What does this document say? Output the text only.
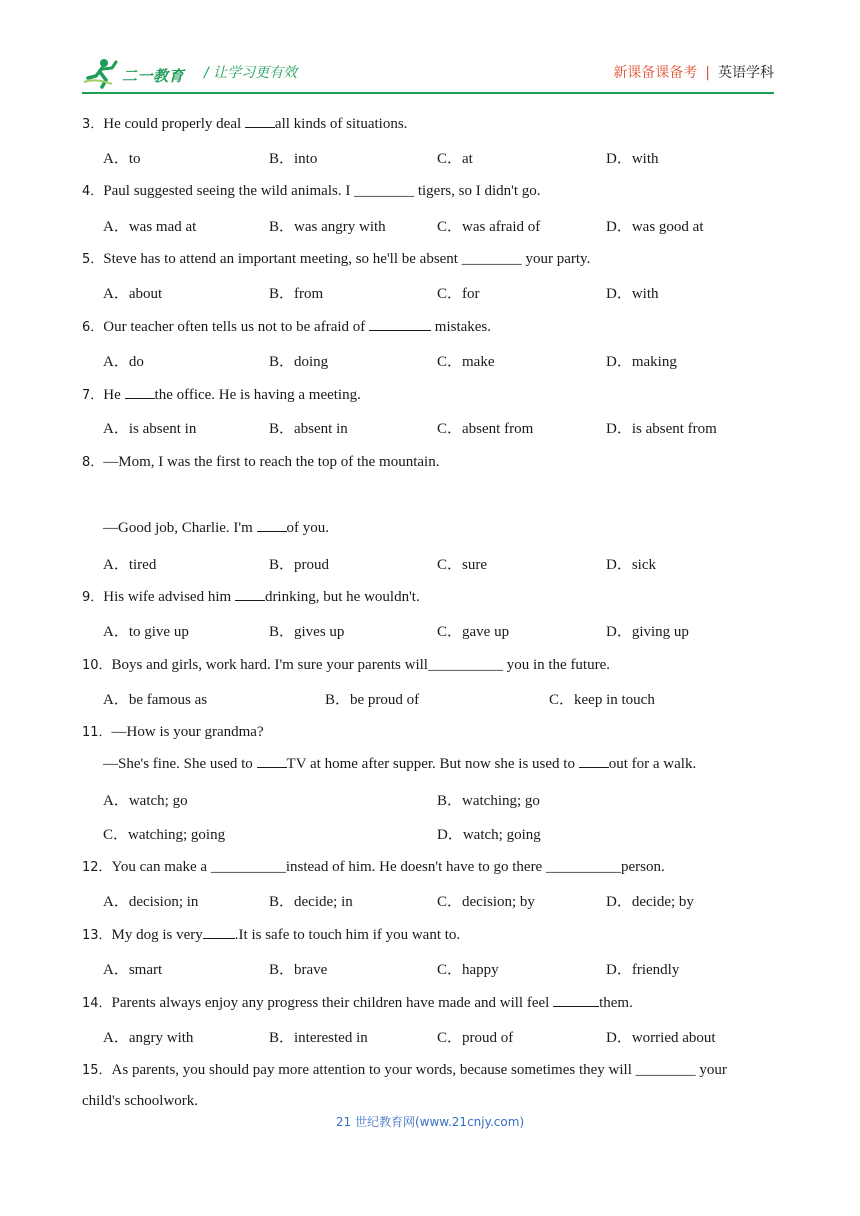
二一教育 / 让学习更有效	新课备课备考 | 英语学科
3．He could properly deal all kinds of situations.
A．to	B．into	C．at	D．with
4．Paul suggested seeing the wild animals. I ________ tigers, so I didn't go.
A．was mad at	B．was angry with	C．was afraid of	D．was good at
5．Steve has to attend an important meeting, so he'll be absent ________ your party.
A．about	B．from	C．for	D．with
6．Our teacher often tells us not to be afraid of	mistakes.
A．do	B．doing	C．make	D．making
7．He the office. He is having a meeting.
A．is absent in	B．absent in	C．absent from	D．is absent from
8．—Mom, I was the first to reach the top of the mountain.
—Good job, Charlie. I'm of you.
A．tired	B．proud	C．sure	D．sick
9．His wife advised him drinking, but he wouldn't.
A．to give up	B．gives up	C．gave up	D．giving up
10．Boys and girls, work hard. I'm sure your parents will__________ you in the future.
A．be famous as	B．be proud of	C．keep in touch
11．—How is your grandma?
—She's fine. She used to TV at home after supper. But now she is used to out for a walk.
A．watch; go	B．watching; go
C．watching; going	D．watch; going
12．You can make a __________instead of him. He doesn't have to go there __________person.
A．decision; in	B．decide; in	C．decision; by	D．decide; by
13．My dog is very .It is safe to touch him if you want to.
A．smart	B．brave	C．happy	D．friendly
14．Parents always enjoy any progress their children have made and will feel	them.
A．angry with	B．interested in	C．proud of	D．worried about
15．As parents, you should pay more attention to your words, because sometimes they will ________ your
child's schoolwork.
21 世纪教育网(www.21cnjy.com)
